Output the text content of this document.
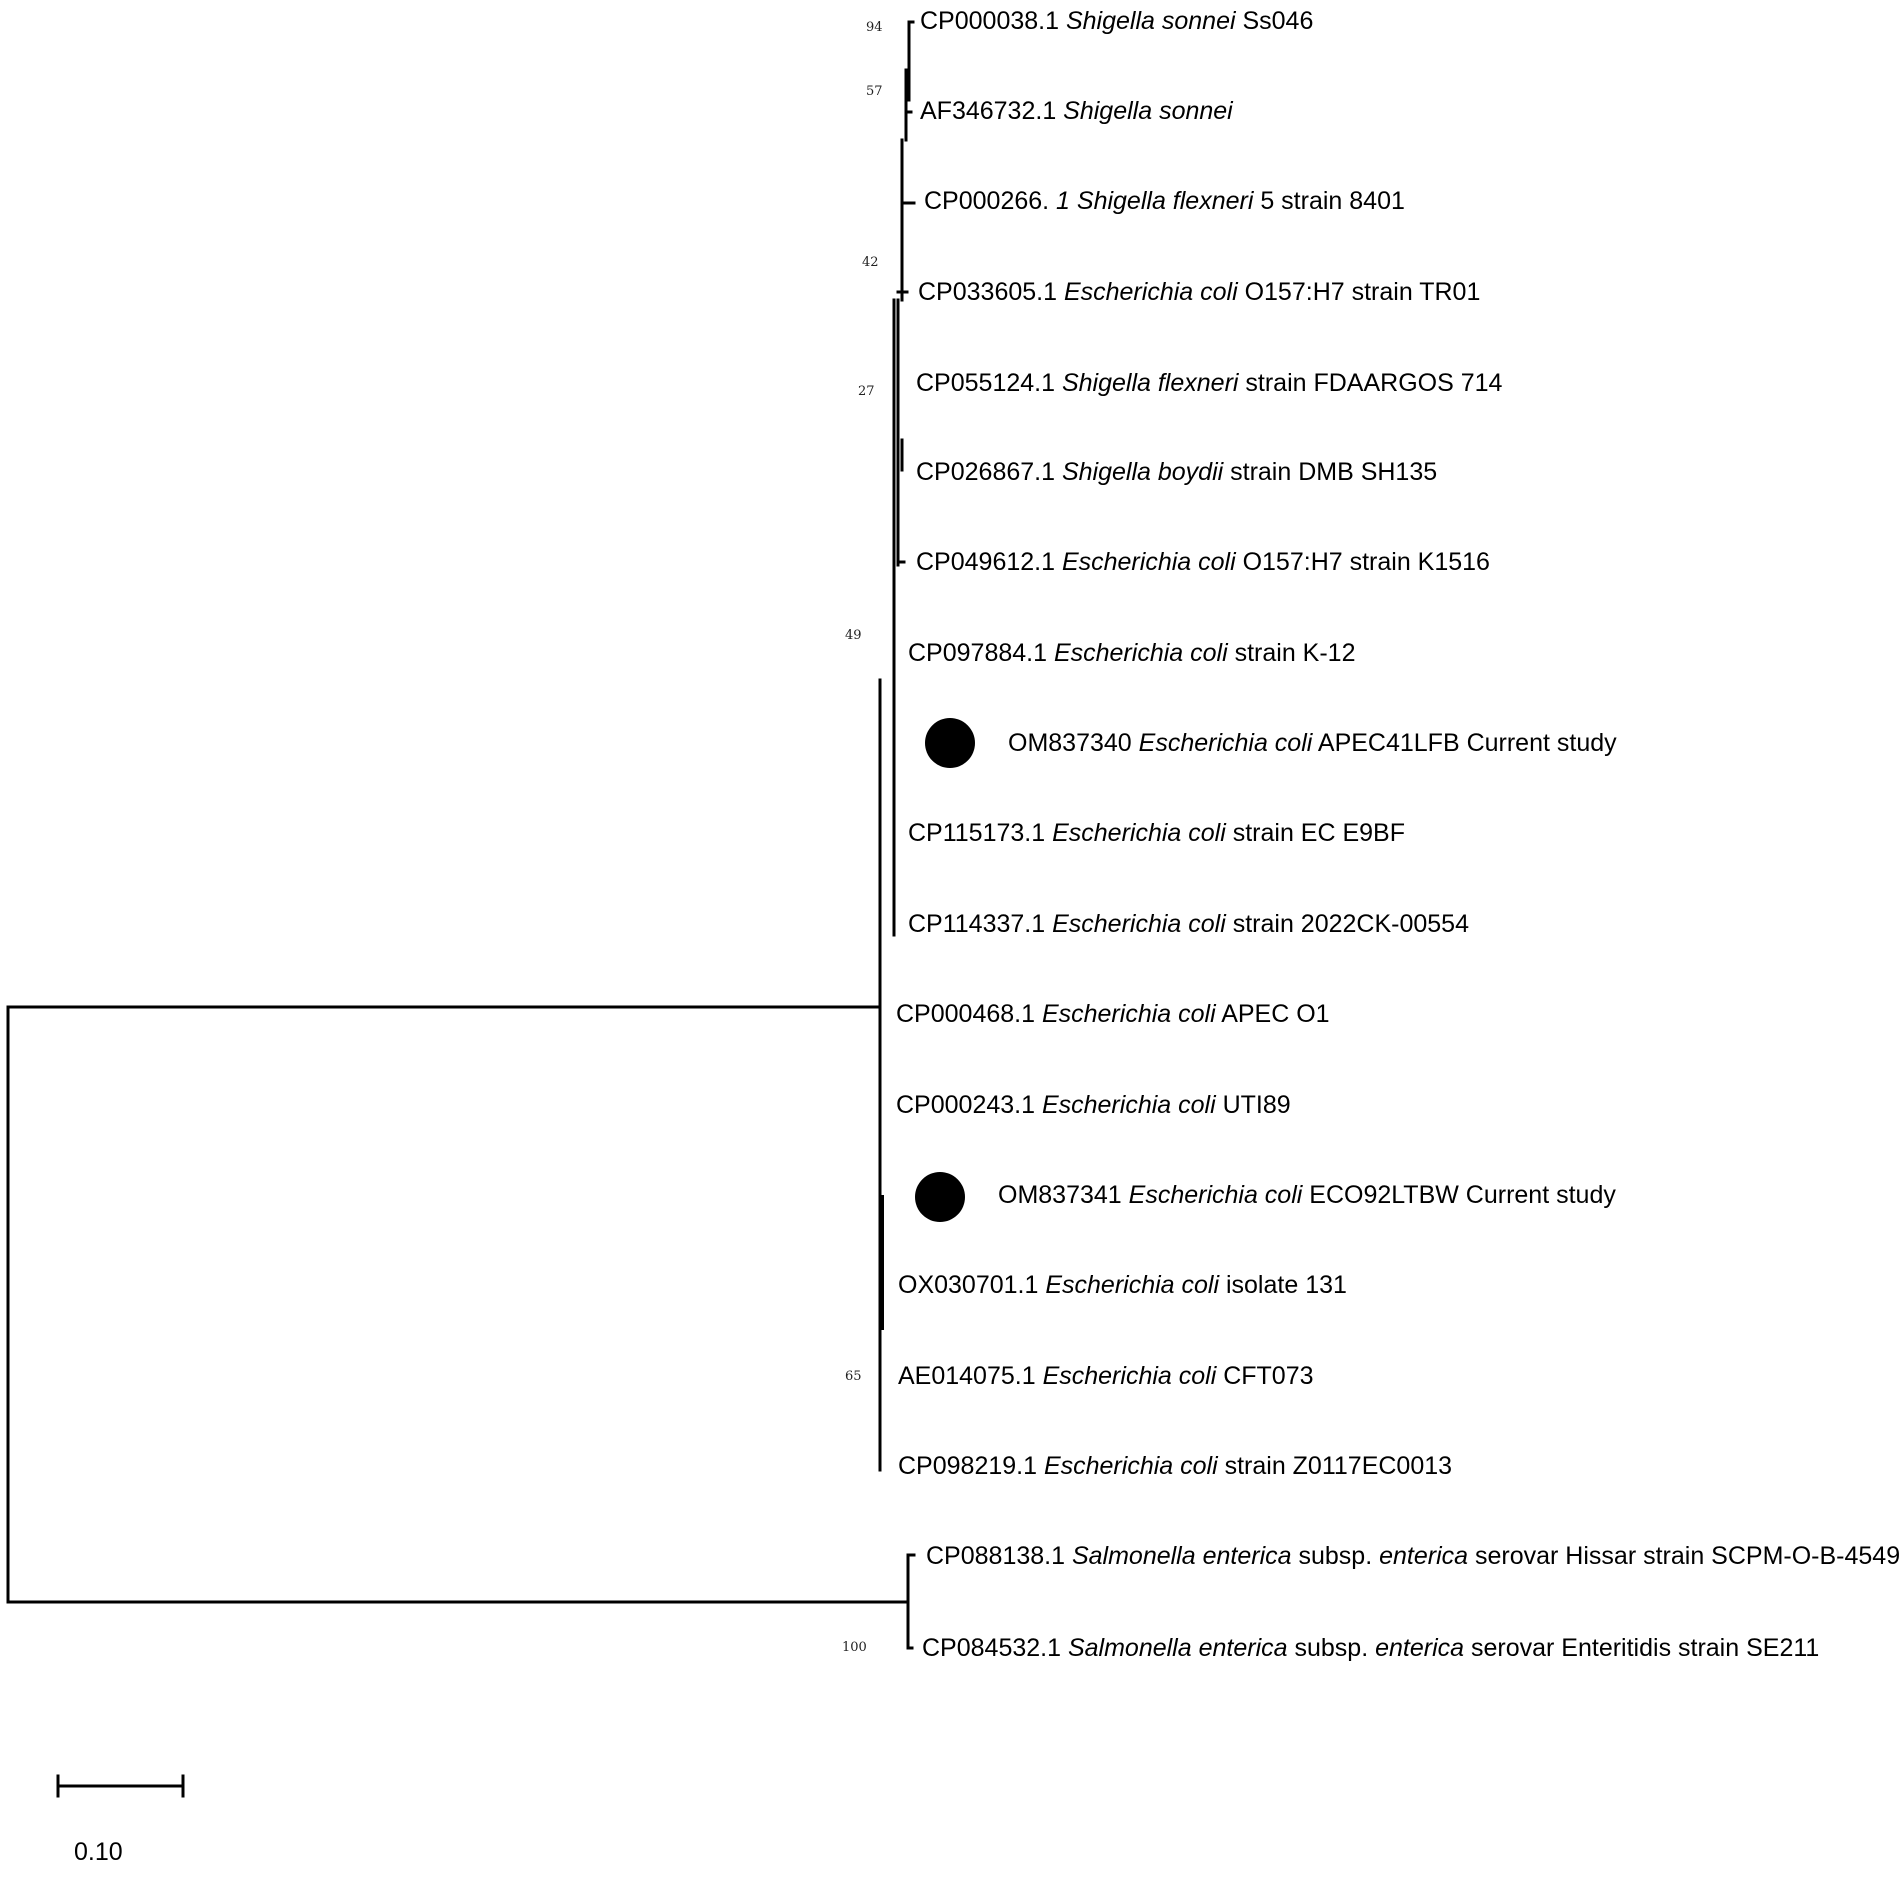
CP000038.1 Shigella sonnei Ss046
AF346732.1 Shigella sonnei
CP000266. 1 Shigella flexneri 5 strain 8401
CP033605.1 Escherichia coli O157:H7 strain TR01
CP055124.1 Shigella flexneri strain FDAARGOS 714
CP026867.1 Shigella boydii strain DMB SH135
CP049612.1 Escherichia coli O157:H7 strain K1516
CP097884.1 Escherichia coli strain K-12
OM837340 Escherichia coli APEC41LFB Current study
CP115173.1 Escherichia coli strain EC E9BF
CP114337.1 Escherichia coli strain 2022CK-00554
CP000468.1 Escherichia coli APEC O1
CP000243.1 Escherichia coli UTI89
OM837341 Escherichia coli ECO92LTBW Current study
OX030701.1 Escherichia coli isolate 131
AE014075.1 Escherichia coli CFT073
CP098219.1 Escherichia coli strain Z0117EC0013
CP088138.1 Salmonella enterica subsp. enterica serovar Hissar strain SCPM-O-B-4549
CP084532.1 Salmonella enterica subsp. enterica serovar Enteritidis strain SE211
94
57
42
27
49
65
100
0.10
